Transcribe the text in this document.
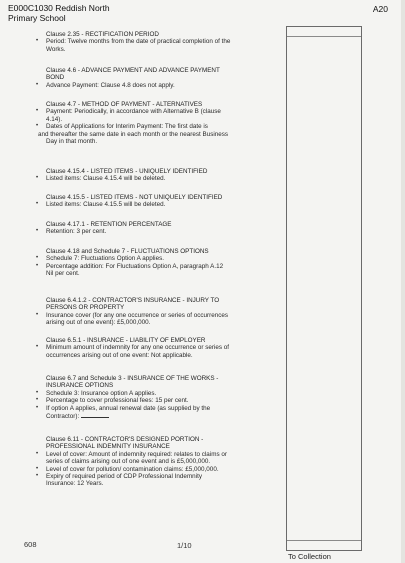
E000C1030 Reddish North
Primary School
A20
Clause 2.35 - RECTIFICATION PERIOD
• Period: Twelve months from the date of practical completion of the
Works.
Clause 4.6 - ADVANCE PAYMENT AND ADVANCE PAYMENT
BOND
• Advance Payment: Clause 4.8 does not apply.
Clause 4.7 - METHOD OF PAYMENT - ALTERNATIVES
• Payment: Periodically, in accordance with Alternative B (clause
4.14).
• Dates of Applications for Interim Payment: The first date is
and thereafter the same date in each month or the nearest Business
Day in that month.
Clause 4.15.4 - LISTED ITEMS - UNIQUELY IDENTIFIED
• Listed items: Clause 4.15.4 will be deleted.
Clause 4.15.5 - LISTED ITEMS - NOT UNIQUELY IDENTIFIED
• Listed items: Clause 4.15.5 will be deleted.
Clause 4.17.1 - RETENTION PERCENTAGE
• Retention: 3 per cent.
Clause 4.18 and Schedule 7 - FLUCTUATIONS OPTIONS
• Schedule 7: Fluctuations Option A applies.
• Percentage addition: For Fluctuations Option A, paragraph A.12
Nil per cent.
Clause 6.4.1.2 - CONTRACTOR'S INSURANCE - INJURY TO
PERSONS OR PROPERTY
• Insurance cover (for any one occurrence or series of occurrences
arising out of one event): £5,000,000.
Clause 6.5.1 - INSURANCE - LIABILITY OF EMPLOYER
• Minimum amount of indemnity for any one occurrence or series of
occurrences arising out of one event: Not applicable.
Clause 6.7 and Schedule 3 - INSURANCE OF THE WORKS -
INSURANCE OPTIONS
• Schedule 3: Insurance option A applies.
• Percentage to cover professional fees: 15 per cent.
• If option A applies, annual renewal date (as supplied by the
Contractor):
Clause 6.11 - CONTRACTOR'S DESIGNED PORTION -
PROFESSIONAL INDEMNITY INSURANCE
• Level of cover: Amount of indemnity required: relates to claims or
series of claims arising out of one event and is £5,000,000.
• Level of cover for pollution/ contamination claims: £5,000,000.
• Expiry of required period of CDP Professional Indemnity
Insurance: 12 Years.
To Collection
608	1/10
